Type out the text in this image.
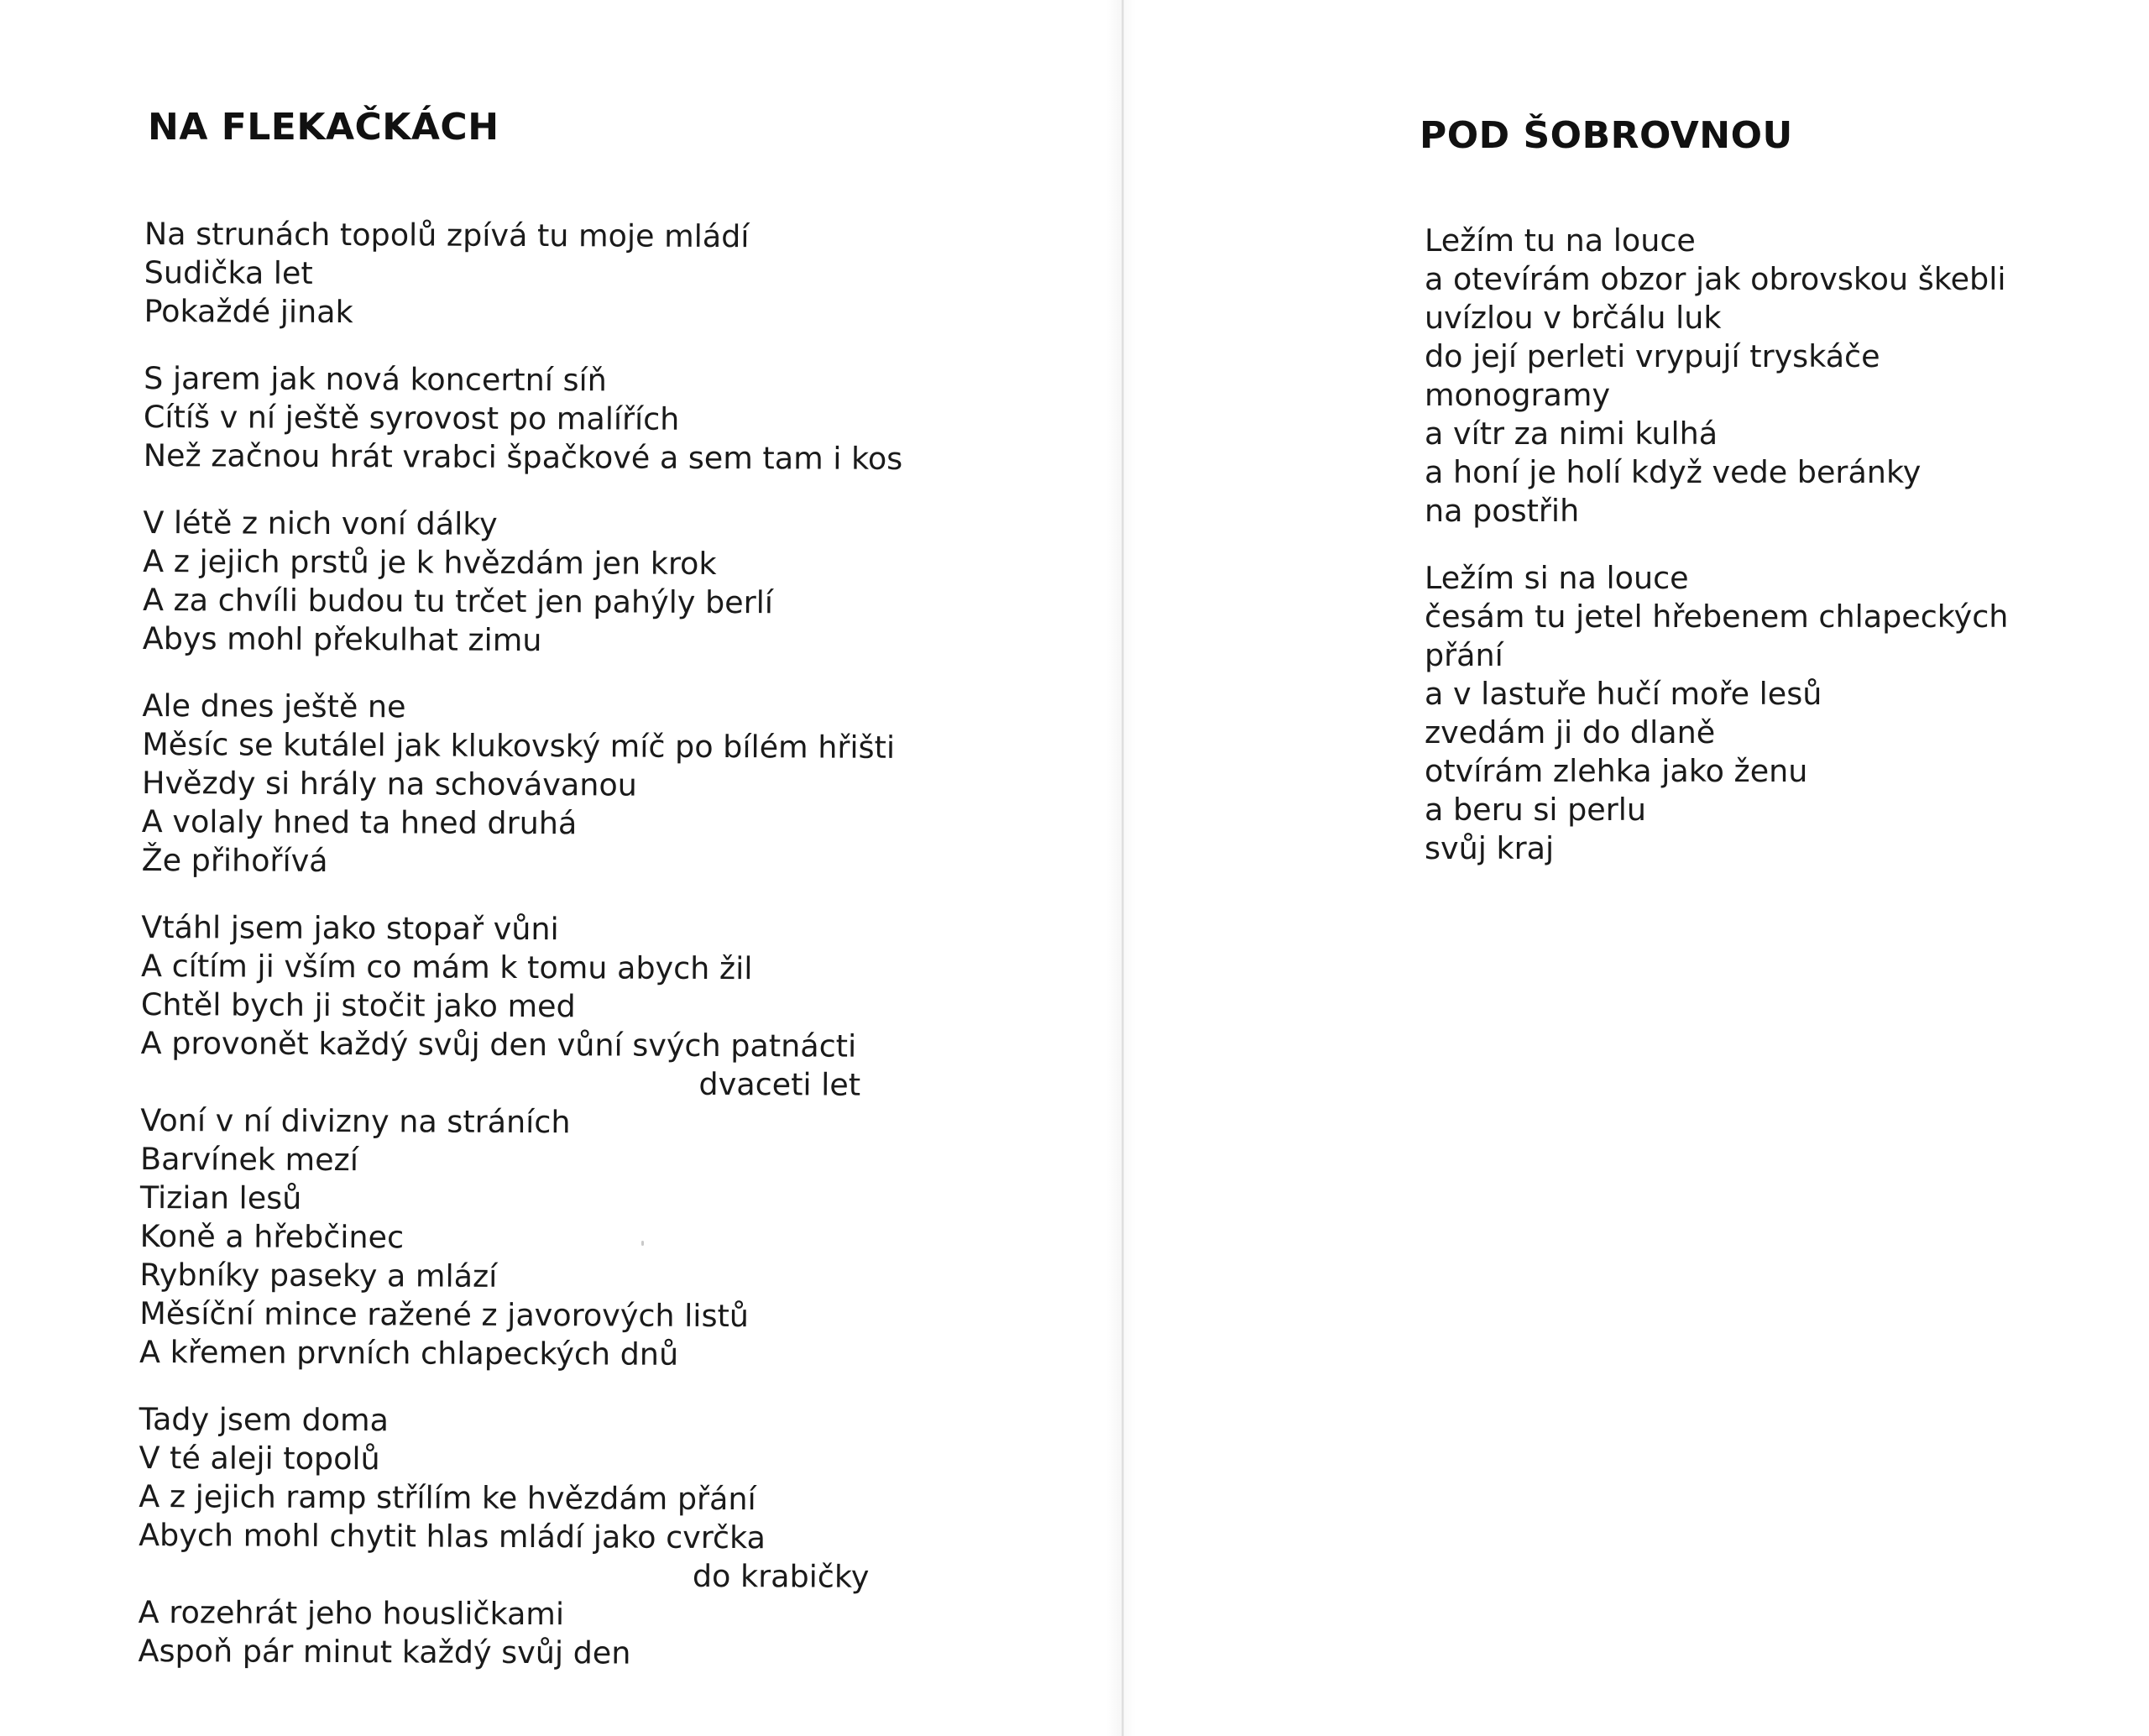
NA FLEKAČKÁCH
Na strunách topolů zpívá tu moje mládí
Sudička let
Pokaždé jinak
S jarem jak nová koncertní síň
Cítíš v ní ještě syrovost po malířích
Než začnou hrát vrabci špačkové a sem tam i kos
V létě z nich voní dálky
A z jejich prstů je k hvězdám jen krok
A za chvíli budou tu trčet jen pahýly berlí
Abys mohl překulhat zimu
Ale dnes ještě ne
Měsíc se kutálel jak klukovský míč po bílém hřišti
Hvězdy si hrály na schovávanou
A volaly hned ta hned druhá
Že přihořívá
Vtáhl jsem jako stopař vůni
A cítím ji vším co mám k tomu abych žil
Chtěl bych ji stočit jako med
A provonět každý svůj den vůní svých patnácti
dvaceti let
Voní v ní divizny na stráních
Barvínek mezí
Tizian lesů
Koně a hřebčinec
Rybníky paseky a mlází
Měsíční mince ražené z javorových listů
A křemen prvních chlapeckých dnů
Tady jsem doma
V té aleji topolů
A z jejich ramp střílím ke hvězdám přání
Abych mohl chytit hlas mládí jako cvrčka
do krabičky
A rozehrát jeho housličkami
Aspoň pár minut každý svůj den
POD ŠOBROVNOU
Ležím tu na louce
a otevírám obzor jak obrovskou škebli
uvízlou v brčálu luk
do její perleti vrypují tryskáče
monogramy
a vítr za nimi kulhá
a honí je holí když vede beránky
na postřih
Ležím si na louce
česám tu jetel hřebenem chlapeckých
přání
a v lastuře hučí moře lesů
zvedám ji do dlaně
otvírám zlehka jako ženu
a beru si perlu
svůj kraj
